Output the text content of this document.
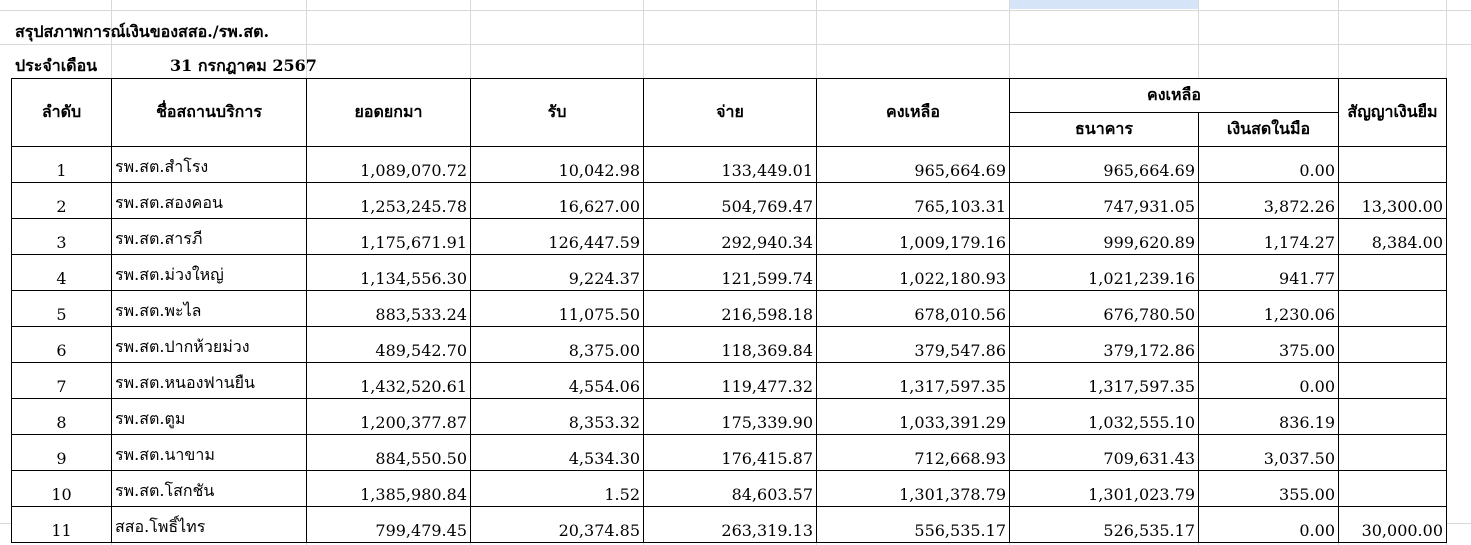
สรุปสภาพการณ์เงินของสสอ./รพ.สต.
ประจำเดือน	31 กรกฎาคม 2567
ลำดับ	ชื่อสถานบริการ	ยอดยกมา	รับ	จ่าย	คงเหลือ	คงเหลือ		สัญญาเงินยืม
						ธนาคาร	เงินสดในมือ	
1	รพ.สต.สำโรง	1,089,070.72	10,042.98	133,449.01	965,664.69	965,664.69	0.00	
2	รพ.สต.สองคอน	1,253,245.78	16,627.00	504,769.47	765,103.31	747,931.05	3,872.26	13,300.00
3	รพ.สต.สารภี	1,175,671.91	126,447.59	292,940.34	1,009,179.16	999,620.89	1,174.27	8,384.00
4	รพ.สต.ม่วงใหญ่	1,134,556.30	9,224.37	121,599.74	1,022,180.93	1,021,239.16	941.77	
5	รพ.สต.พะไล	883,533.24	11,075.50	216,598.18	678,010.56	676,780.50	1,230.06	
6	รพ.สต.ปากห้วยม่วง	489,542.70	8,375.00	118,369.84	379,547.86	379,172.86	375.00	
7	รพ.สต.หนองฟานยืน	1,432,520.61	4,554.06	119,477.32	1,317,597.35	1,317,597.35	0.00	
8	รพ.สต.ตูม	1,200,377.87	8,353.32	175,339.90	1,033,391.29	1,032,555.10	836.19	
9	รพ.สต.นาขาม	884,550.50	4,534.30	176,415.87	712,668.93	709,631.43	3,037.50	
10	รพ.สต.โสกชัน	1,385,980.84	1.52	84,603.57	1,301,378.79	1,301,023.79	355.00	
11	สสอ.โพธิ์ไทร	799,479.45	20,374.85	263,319.13	556,535.17	526,535.17	0.00	30,000.00
